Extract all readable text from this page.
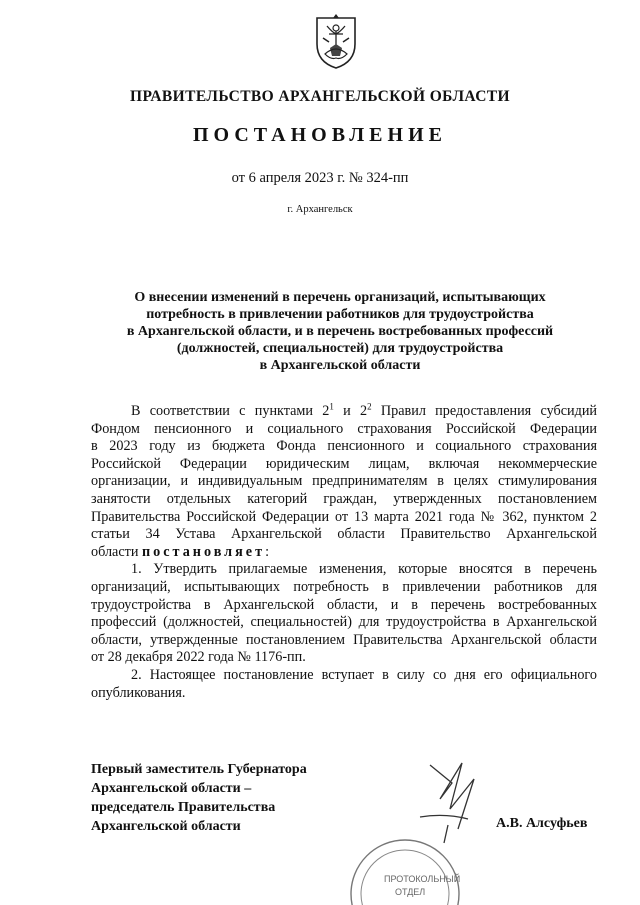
ПРАВИТЕЛЬСТВО АРХАНГЕЛЬСКОЙ ОБЛАСТИ
ПОСТАНОВЛЕНИЕ
от 6 апреля 2023 г. № 324-пп
г. Архангельск
О внесении изменений в перечень организаций, испытывающих
потребность в привлечении работников для трудоустройства
в Архангельской области, и в перечень востребованных профессий
(должностей, специальностей) для трудоустройства
в Архангельской области
В соответствии с пунктами $2^1$ и $2^2$ Правил предоставления субсидий
Фондом пенсионного и социального страхования Российской Федерации
в 2023 году из бюджета Фонда пенсионного и социального страхования
Российской Федерации юридическим лицам, включая некоммерческие
организации, и индивидуальным предпринимателям в целях стимулирования
занятости отдельных категорий граждан, утвержденных постановлением
Правительства Российской Федерации от 13 марта 2021 года № 362, пунктом 2
статьи 34 Устава Архангельской области Правительство Архангельской
области постановляет:
1. Утвердить прилагаемые изменения, которые вносятся в перечень
организаций, испытывающих потребность в привлечении работников для
трудоустройства в Архангельской области, и в перечень востребованных
профессий (должностей, специальностей) для трудоустройства в Архангельской
области, утвержденные постановлением Правительства Архангельской области
от 28 декабря 2022 года № 1176-пп.
2. Настоящее постановление вступает в силу со дня его официального
опубликования.
Первый заместитель Губернатора
Архангельской области –
председатель Правительства
Архангельской области	А.В. Алсуфьев
ПРОТОКОЛЬНЫЙ
ОТДЕЛ
